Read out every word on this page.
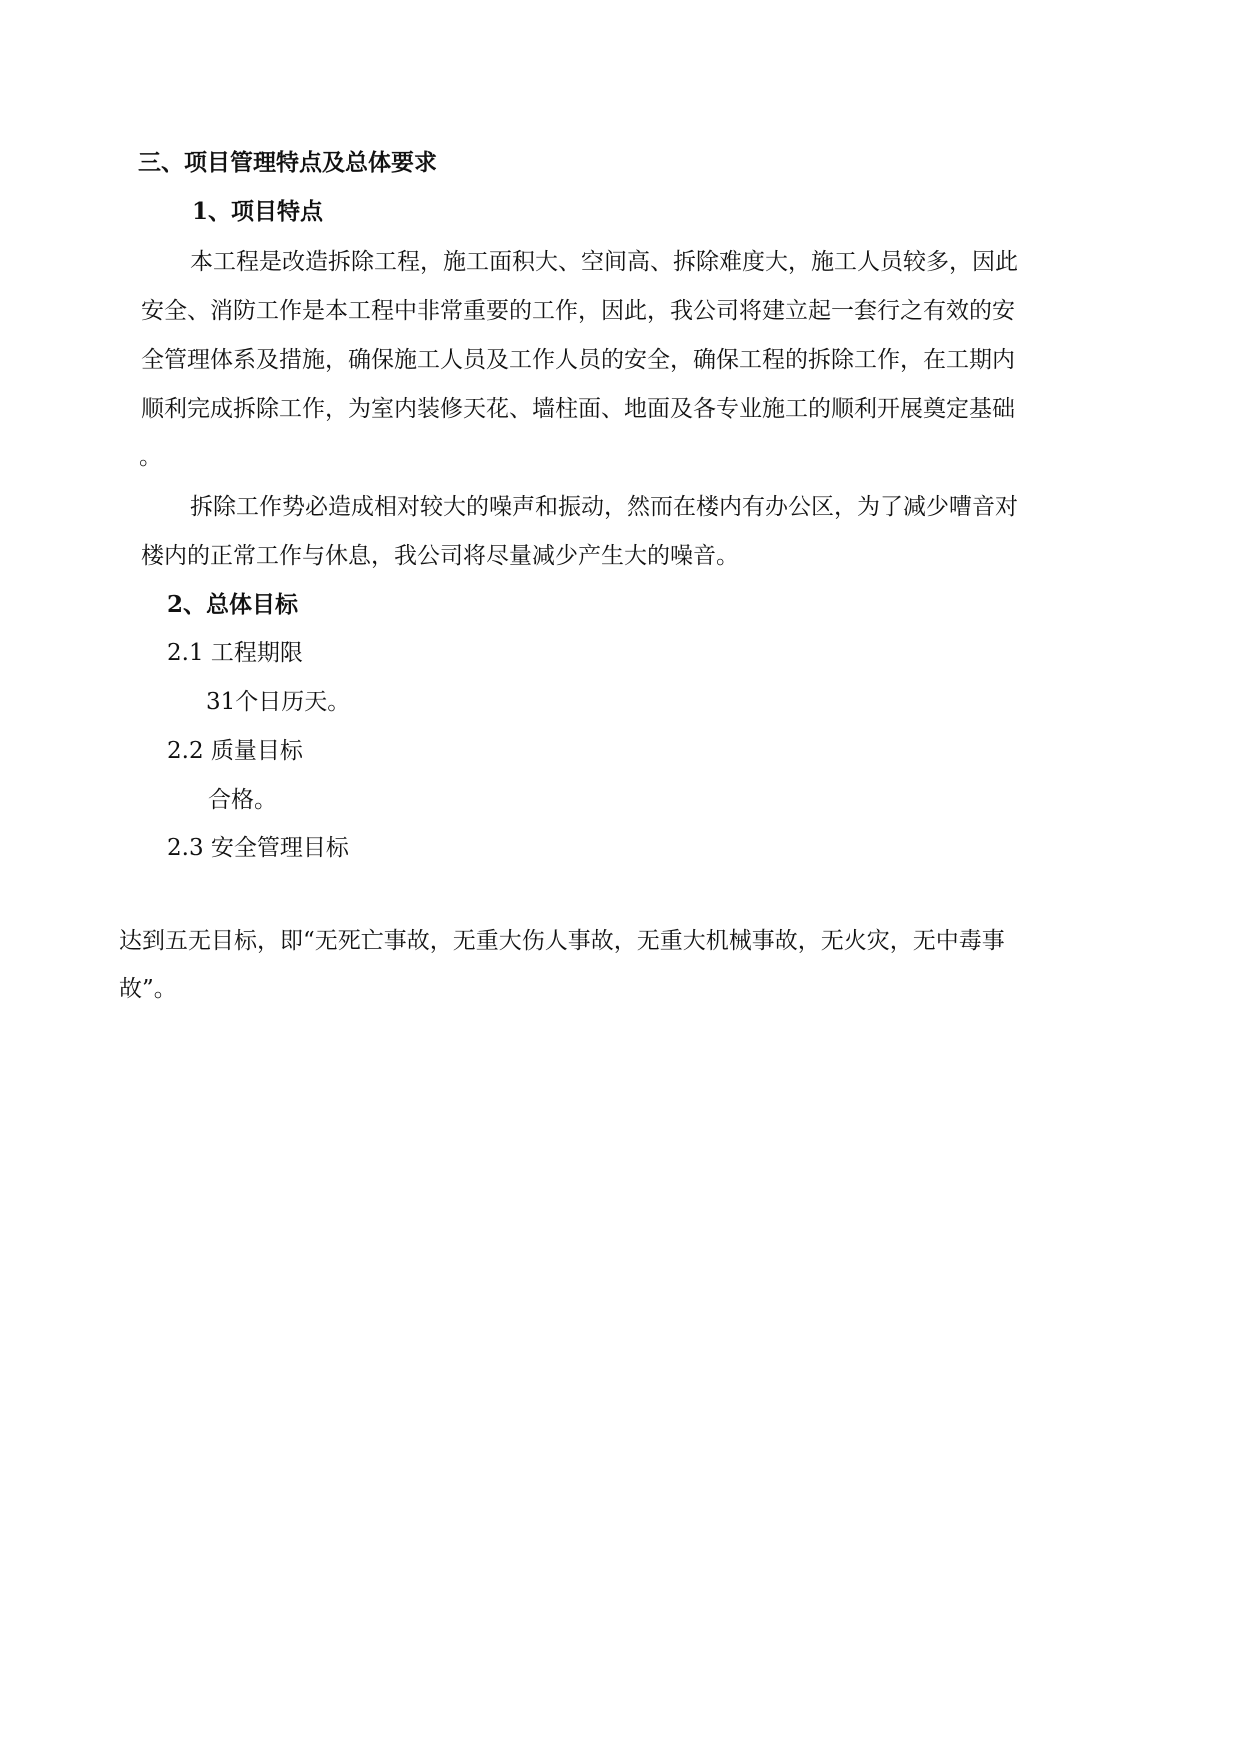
三、项目管理特点及总体要求
1、项目特点
本工程是改造拆除工程，施工面积大、空间高、拆除难度大，施工人员较多，因此
安全、消防工作是本工程中非常重要的工作，因此，我公司将建立起一套行之有效的安
全管理体系及措施，确保施工人员及工作人员的安全，确保工程的拆除工作，在工期内
顺利完成拆除工作，为室内装修天花、墙柱面、地面及各专业施工的顺利开展奠定基础
。
拆除工作势必造成相对较大的噪声和振动，然而在楼内有办公区，为了减少嘈音对
楼内的正常工作与休息，我公司将尽量减少产生大的噪音。
2、总体目标
2.1 工程期限
31个日历天。
2.2 质量目标
合格。
2.3 安全管理目标
达到五无目标，即“无死亡事故，无重大伤人事故，无重大机械事故，无火灾，无中毒事
故”。
